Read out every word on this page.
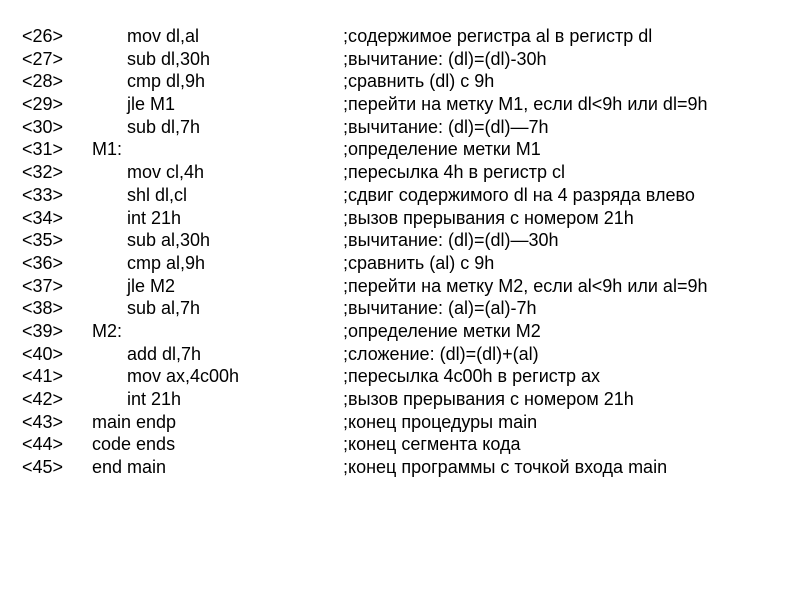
<26>	mov dl,al	;содержимое регистра al в регистр dl
<27>	sub dl,30h	;вычитание: (dl)=(dl)-30h
<28>	cmp dl,9h	;сравнить (dl) с 9h
<29>	jle M1	;перейти на метку M1, если dl<9h или dl=9h
<30>	sub dl,7h	;вычитание: (dl)=(dl)—7h
<31> M1:	;определение метки M1
<32>	mov cl,4h	;пересылка 4h в регистр cl
<33>	shl dl,cl	;сдвиг содержимого dl на 4 разряда влево
<34>	int 21h	;вызов прерывания с номером 21h
<35>	sub al,30h	;вычитание: (dl)=(dl)—30h
<36>	cmp al,9h	;сравнить (al) с 9h
<37>	jle M2	;перейти на метку M2, если al<9h или al=9h
<38>	sub al,7h	;вычитание: (al)=(al)-7h
<39> M2:	;определение метки M2
<40>	add dl,7h	;сложение: (dl)=(dl)+(al)
<41>	mov ax,4c00h	;пересылка 4c00h в регистр ax
<42>	int 21h	;вызов прерывания с номером 21h
<43> main endp	;конец процедуры main
<44> code ends	;конец сегмента кода
<45> end main	;конец программы с точкой входа main
